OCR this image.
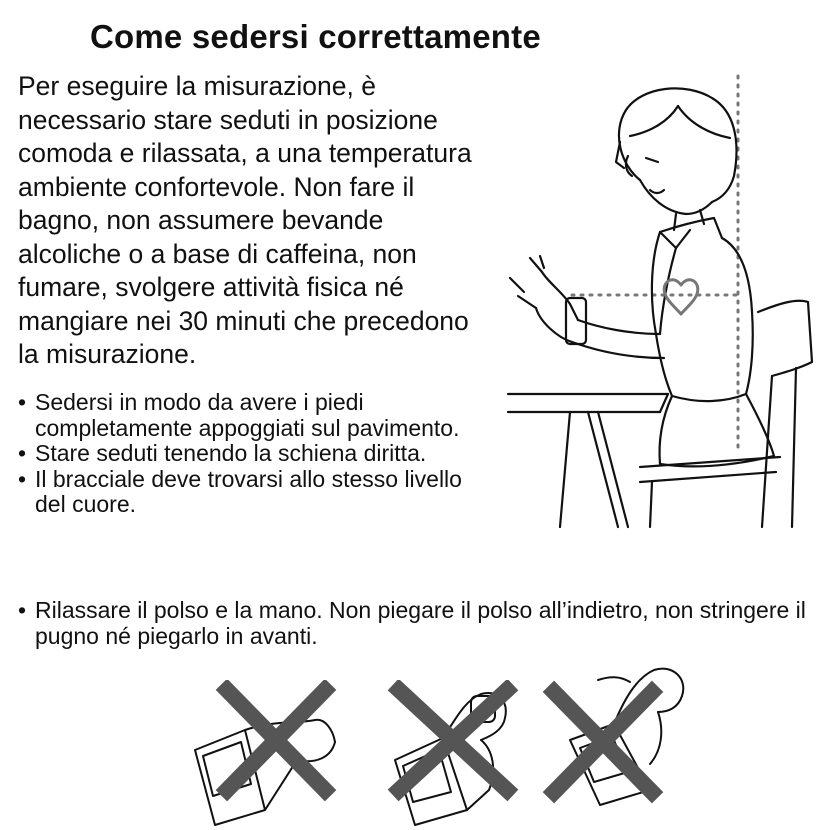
Come sedersi correttamente
Per eseguire la misurazione, è necessario stare seduti in posizione comoda e rilassata, a una temperatura ambiente confortevole. Non fare il bagno, non assumere bevande alcoliche o a base di caffeina, non fumare, svolgere attività fisica né mangiare nei 30 minuti che precedono la misurazione.
• Sedersi in modo da avere i piedi completamente appoggiati sul pavimento.
• Stare seduti tenendo la schiena diritta.
• Il bracciale deve trovarsi allo stesso livello del cuore.
• Rilassare il polso e la mano. Non piegare il polso all’indietro, non stringere il pugno né piegarlo in avanti.
